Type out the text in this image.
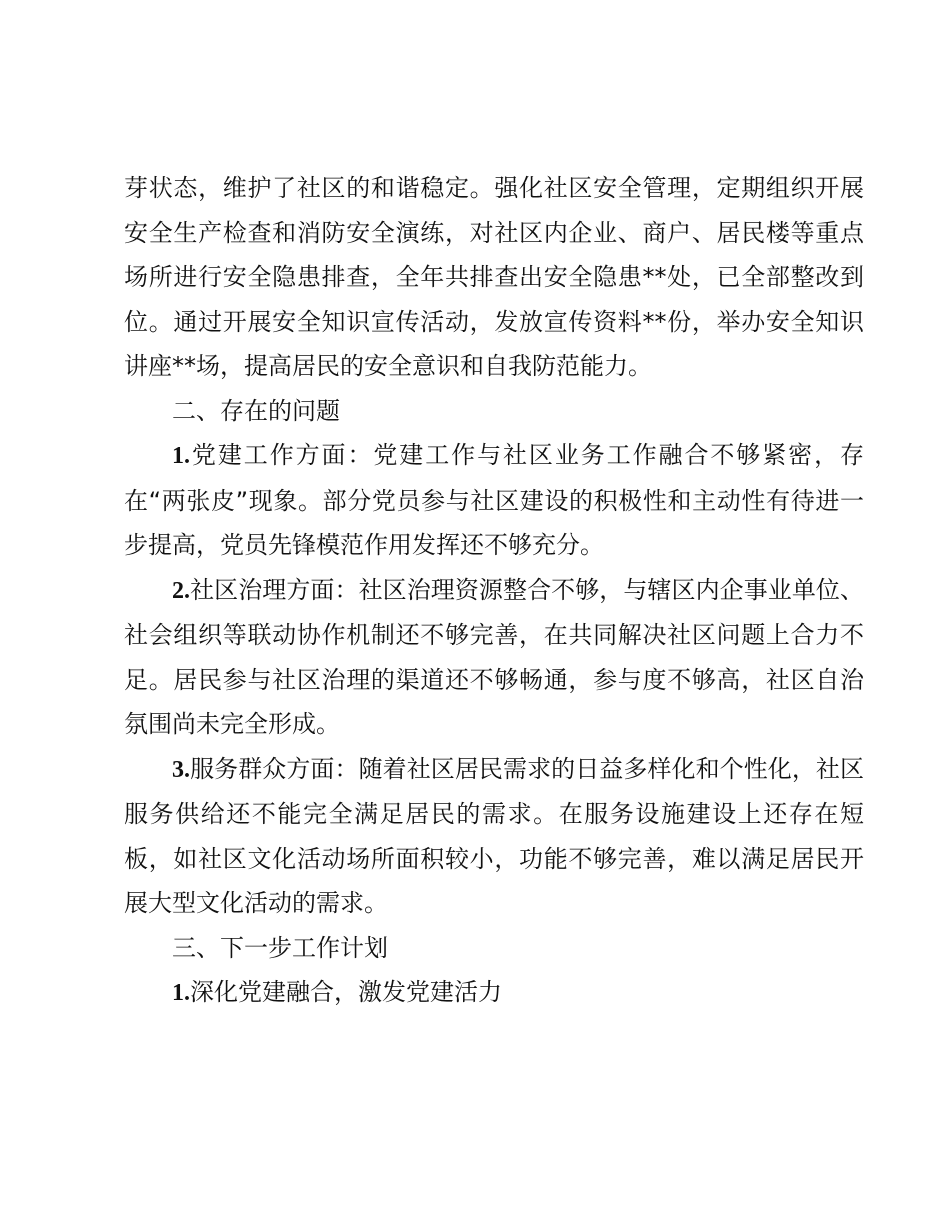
芽状态，维护了社区的和谐稳定。强化社区安全管理，定期组织开展安全生产检查和消防安全演练，对社区内企业、商户、居民楼等重点场所进行安全隐患排查，全年共排查出安全隐患**处，已全部整改到位。通过开展安全知识宣传活动，发放宣传资料**份，举办安全知识讲座**场，提高居民的安全意识和自我防范能力。

二、存在的问题

1.党建工作方面：党建工作与社区业务工作融合不够紧密，存在“两张皮”现象。部分党员参与社区建设的积极性和主动性有待进一步提高，党员先锋模范作用发挥还不够充分。

2.社区治理方面：社区治理资源整合不够，与辖区内企事业单位、社会组织等联动协作机制还不够完善，在共同解决社区问题上合力不足。居民参与社区治理的渠道还不够畅通，参与度不够高，社区自治氛围尚未完全形成。

3.服务群众方面：随着社区居民需求的日益多样化和个性化，社区服务供给还不能完全满足居民的需求。在服务设施建设上还存在短板，如社区文化活动场所面积较小，功能不够完善，难以满足居民开展大型文化活动的需求。

三、下一步工作计划

1.深化党建融合，激发党建活力
